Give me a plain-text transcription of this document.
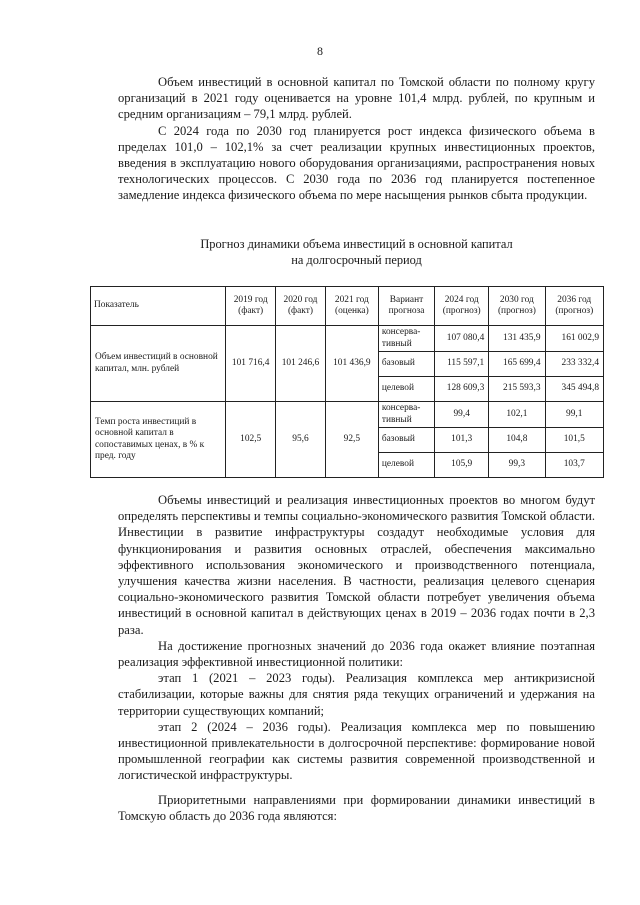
8

Объем инвестиций в основной капитал по Томской области по полному кругу организаций в 2021 году оценивается на уровне 101,4 млрд. рублей, по крупным и средним организациям – 79,1 млрд. рублей.

С 2024 года по 2030 год планируется рост индекса физического объема в пределах 101,0 – 102,1% за счет реализации крупных инвестиционных проектов, введения в эксплуатацию нового оборудования организациями, распространения новых технологических процессов. С 2030 года по 2036 год планируется постепенное замедление индекса физического объема по мере насыщения рынков сбыта продукции.

Прогноз динамики объема инвестиций в основной капитал
на долгосрочный период
Показатель	2019 год (факт)	2020 год (факт)	2021 год (оценка)	Вариант прогноза	2024 год (прогноз)	2030 год (прогноз)	2036 год (прогноз)
Объем инвестиций в основной капитал, млн. рублей	101 716,4	101 246,6	101 436,9	консерва-тивный	107 080,4	131 435,9	161 002,9
				базовый	115 597,1	165 699,4	233 332,4
				целевой	128 609,3	215 593,3	345 494,8
Темп роста инвестиций в основной капитал в сопоставимых ценах, в % к пред. году	102,5	95,6	92,5	консерва-тивный	99,4	102,1	99,1
				базовый	101,3	104,8	101,5
				целевой	105,9	99,3	103,7

Объемы инвестиций и реализация инвестиционных проектов во многом будут определять перспективы и темпы социально-экономического развития Томской области. Инвестиции в развитие инфраструктуры создадут необходимые условия для функционирования и развития основных отраслей, обеспечения максимально эффективного использования экономического и производственного потенциала, улучшения качества жизни населения. В частности, реализация целевого сценария социально-экономического развития Томской области потребует увеличения объема инвестиций в основной капитал в действующих ценах в 2019 – 2036 годах почти в 2,3 раза.

На достижение прогнозных значений до 2036 года окажет влияние поэтапная реализация эффективной инвестиционной политики:

этап 1 (2021 – 2023 годы). Реализация комплекса мер антикризисной стабилизации, которые важны для снятия ряда текущих ограничений и удержания на территории существующих компаний;

этап 2 (2024 – 2036 годы). Реализация комплекса мер по повышению инвестиционной привлекательности в долгосрочной перспективе: формирование новой промышленной географии как системы развития современной производственной и логистической инфраструктуры.

Приоритетными направлениями при формировании динамики инвестиций в Томскую область до 2036 года являются:
